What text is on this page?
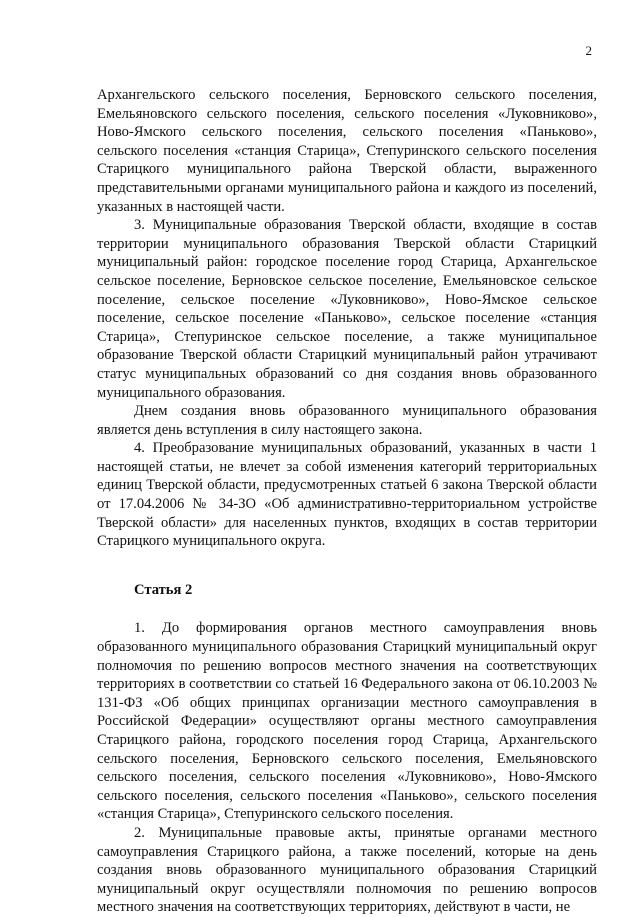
2

Архангельского сельского поселения, Берновского сельского поселения, Емельяновского сельского поселения, сельского поселения «Луковниково», Ново-Ямского сельского поселения, сельского поселения «Паньково», сельского поселения «станция Старица», Степуринского сельского поселения Старицкого муниципального района Тверской области, выраженного представительными органами муниципального района и каждого из поселений, указанных в настоящей части.

3. Муниципальные образования Тверской области, входящие в состав территории муниципального образования Тверской области Старицкий муниципальный район: городское поселение город Старица, Архангельское сельское поселение, Берновское сельское поселение, Емельяновское сельское поселение, сельское поселение «Луковниково», Ново-Ямское сельское поселение, сельское поселение «Паньково», сельское поселение «станция Старица», Степуринское сельское поселение, а также муниципальное образование Тверской области Старицкий муниципальный район утрачивают статус муниципальных образований со дня создания вновь образованного муниципального образования.

Днем создания вновь образованного муниципального образования является день вступления в силу настоящего закона.

4. Преобразование муниципальных образований, указанных в части 1 настоящей статьи, не влечет за собой изменения категорий территориальных единиц Тверской области, предусмотренных статьей 6 закона Тверской области от 17.04.2006 № 34-ЗО «Об административно-территориальном устройстве Тверской области» для населенных пунктов, входящих в состав территории Старицкого муниципального округа.

Статья 2

1. До формирования органов местного самоуправления вновь образованного муниципального образования Старицкий муниципальный округ полномочия по решению вопросов местного значения на соответствующих территориях в соответствии со статьей 16 Федерального закона от 06.10.2003 № 131-ФЗ «Об общих принципах организации местного самоуправления в Российской Федерации» осуществляют органы местного самоуправления Старицкого района, городского поселения город Старица, Архангельского сельского поселения, Берновского сельского поселения, Емельяновского сельского поселения, сельского поселения «Луковниково», Ново-Ямского сельского поселения, сельского поселения «Паньково», сельского поселения «станция Старица», Степуринского сельского поселения.

2. Муниципальные правовые акты, принятые органами местного самоуправления Старицкого района, а также поселений, которые на день создания вновь образованного муниципального образования Старицкий муниципальный округ осуществляли полномочия по решению вопросов местного значения на соответствующих территориях, действуют в части, не
